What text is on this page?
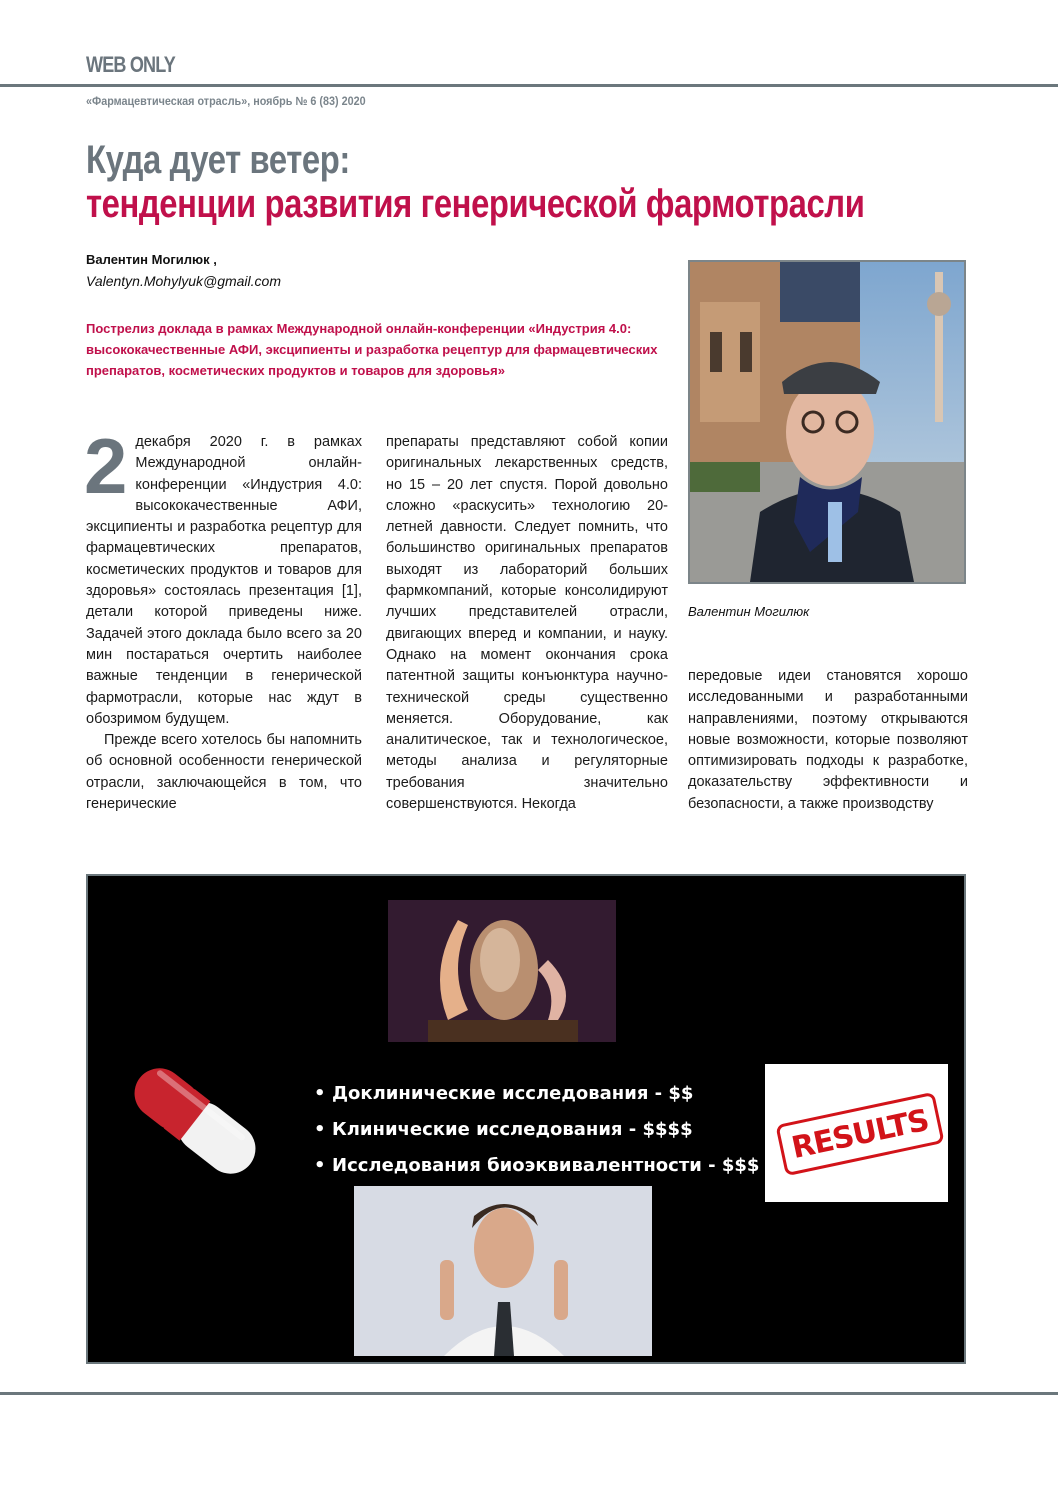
WEB ONLY
«Фармацевтическая отрасль», ноябрь № 6 (83) 2020
Куда дует ветер:
тенденции развития генерической фармотрасли
Валентин Могилюк ,
Valentyn.Mohylyuk@gmail.com
Пострелиз доклада в рамках Международной онлайн-конференции «Индустрия 4.0: высококачественные АФИ, эксципиенты и разработка рецептур для фармацевтических препаратов, косметических продуктов и товаров для здоровья»

2 декабря 2020 г. в рамках Международной онлайн-конференции «Индустрия 4.0: высококачественные АФИ, эксципиенты и разработка рецептур для фармацевтических препаратов, косметических продуктов и товаров для здоровья» состоялась презентация [1], детали которой приведены ниже. Задачей этого доклада было всего за 20 мин постараться очертить наиболее важные тенденции в генерической фармотрасли, которые нас ждут в обозримом будущем.

Прежде всего хотелось бы напомнить об основной особенности генерической отрасли, заключающейся в том, что генерические

препараты представляют собой копии оригинальных лекарственных средств, но 15 – 20 лет спустя. Порой довольно сложно «раскусить» технологию 20-летней давности. Следует помнить, что большинство оригинальных препаратов выходят из лабораторий больших фармкомпаний, которые консолидируют лучших представителей отрасли, двигающих вперед и компании, и науку. Однако на момент окончания срока патентной защиты конъюнктура научно-технической среды существенно меняется. Оборудование, как аналитическое, так и технологическое, методы анализа и регуляторные требования значительно совершенствуются. Некогда

Валентин Могилюк

передовые идеи становятся хорошо исследованными и разработанными направлениями, поэтому открываются новые возможности, которые позволяют оптимизировать подходы к разработке, доказательству эффективности и безопасности, а также производству

• Доклинические исследования - $$
• Клинические исследования - $$$$
• Исследования биоэквивалентности - $$$ RESULTS
